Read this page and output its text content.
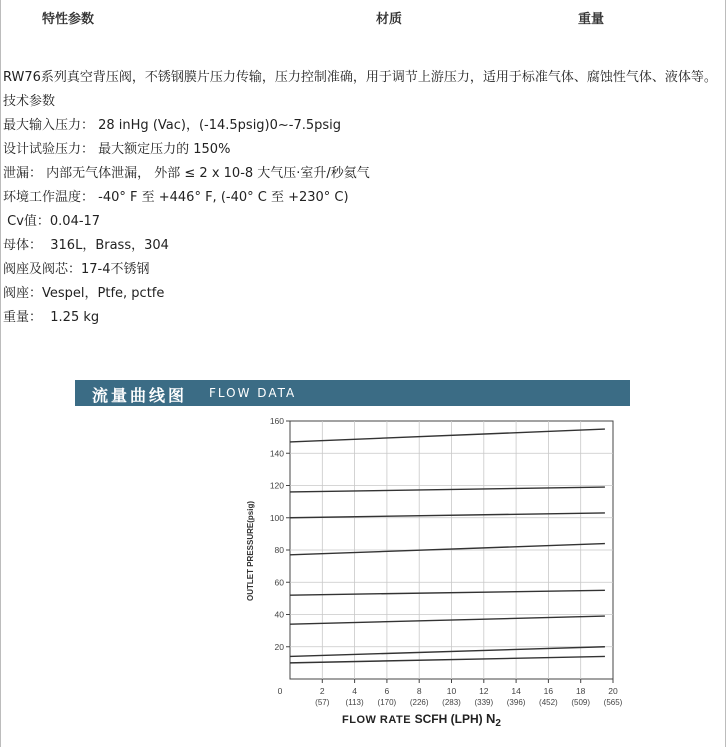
特性参数	材质	重量

RW76系列真空背压阀，不锈钢膜片压力传输，压力控制准确，用于调节上游压力，适用于标准气体、腐蚀性气体、液体等。

技术参数

最大输入压力： 28 inHg (Vac)，(-14.5psig)0~-7.5psig

设计试验压力： 最大额定压力的 150%

泄漏： 内部无气体泄漏， 外部 ≤ 2 x 10-8 大气压·室升/秒氦气

环境工作温度： -40° F 至 +446° F, (-40° C 至 +230° C)

Cv值：0.04-17

母体：  316L，Brass，304

阀座及阀芯：17-4不锈钢

阀座：Vespel，Ptfe, pctfe

重量：  1.25 kg

流量曲线图 FLOW DATA
20
40
60
80
100
120
140
160
2
(57)
4
(113)
6
(170)
8
(226)
10
(283)
12
(339)
14
(396)
16
(452)
18
(509)
20
(565)
0
OUTLET PRESSURE(psig)
FLOW RATE SCFH (LPH) N2
